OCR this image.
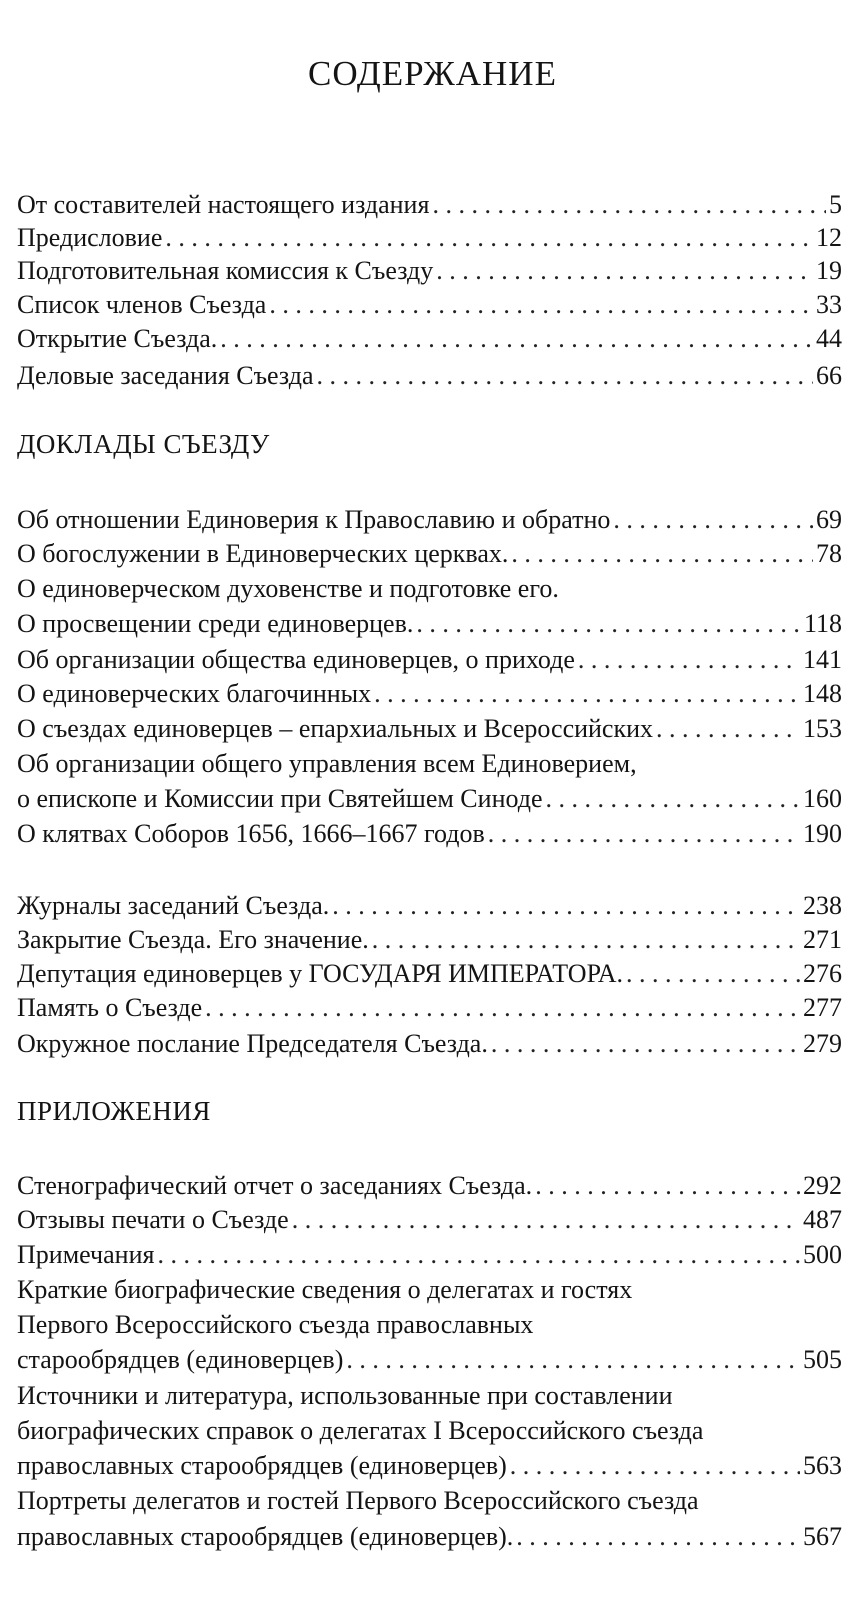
СОДЕРЖАНИЕ
От составителей настоящего издания . . .	5
Предисловие . . .	12
Подготовительная комиссия к Съезду . . .	19
Список членов Съезда . . .	33
Открытие Съезда. . . .	44
Деловые заседания Съезда . . .	66
ДОКЛАДЫ СЪЕЗДУ
Об отношении Единоверия к Православию и обратно . . .	69
О богослужении в Единоверческих церквах. . . .	78
О единоверческом духовенстве и подготовке его.
О просвещении среди единоверцев. . . .	118
Об организации общества единоверцев, о приходе . . .	141
О единоверческих благочинных . . .	148
О съездах единоверцев – епархиальных и Всероссийских . . .	153
Об организации общего управления всем Единоверием,
о епископе и Комиссии при Святейшем Синоде . . .	160
О клятвах Соборов 1656, 1666–1667 годов . . .	190
Журналы заседаний Съезда. . . .	238
Закрытие Съезда. Его значение. . . .	271
Депутация единоверцев у ГОСУДАРЯ ИМПЕРАТОРА. . . .	276
Память о Съезде . . .	277
Окружное послание Председателя Съезда. . . .	279
ПРИЛОЖЕНИЯ
Стенографический отчет о заседаниях Съезда. . . .	292
Отзывы печати о Съезде . . .	487
Примечания . . .	500
Краткие биографические сведения о делегатах и гостях
Первого Всероссийского съезда православных
старообрядцев (единоверцев) . . .	505
Источники и литература, использованные при составлении
биографических справок о делегатах I Всероссийского съезда
православных старообрядцев (единоверцев) . . .	563
Портреты делегатов и гостей Первого Всероссийского съезда
православных старообрядцев (единоверцев). . . .	567
